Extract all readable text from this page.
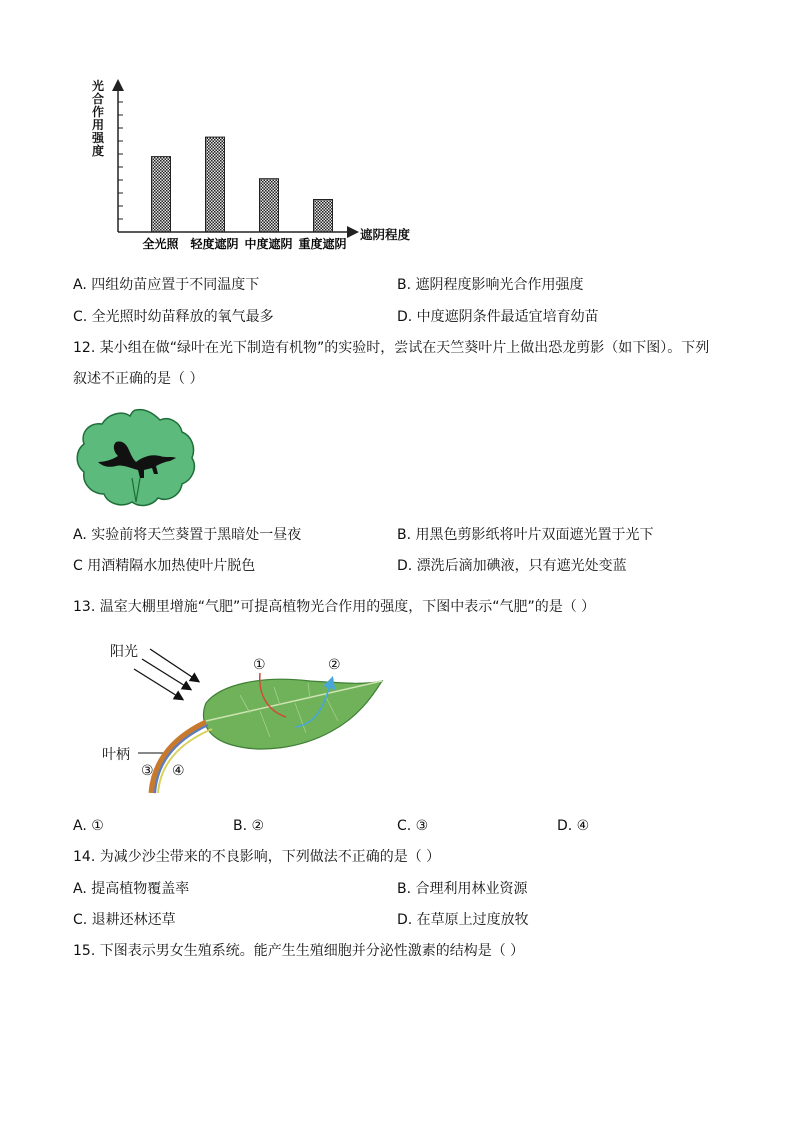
光
合
作
用
强
度
全光照 轻度遮阴 中度遮阴 重度遮阴
遮阴程度
A. 四组幼苗应置于不同温度下	B. 遮阴程度影响光合作用强度
C. 全光照时幼苗释放的氧气最多	D. 中度遮阴条件最适宜培育幼苗
12. 某小组在做“绿叶在光下制造有机物”的实验时，尝试在天竺葵叶片上做出恐龙剪影（如下图）。下列
叙述不正确的是（ ）
A. 实验前将天竺葵置于黑暗处一昼夜	B. 用黑色剪影纸将叶片双面遮光置于光下
C 用酒精隔水加热使叶片脱色	D. 漂洗后滴加碘液，只有遮光处变蓝
13. 温室大棚里增施“气肥”可提高植物光合作用的强度，下图中表示“气肥”的是（ ）
阳光
叶柄
①	②
③ ④
A. ①	B. ②	C. ③	D. ④
14. 为减少沙尘带来的不良影响，下列做法不正确的是（ ）
A. 提高植物覆盖率	B. 合理利用林业资源
C. 退耕还林还草	D. 在草原上过度放牧
15. 下图表示男女生殖系统。能产生生殖细胞并分泌性激素的结构是（ ）
